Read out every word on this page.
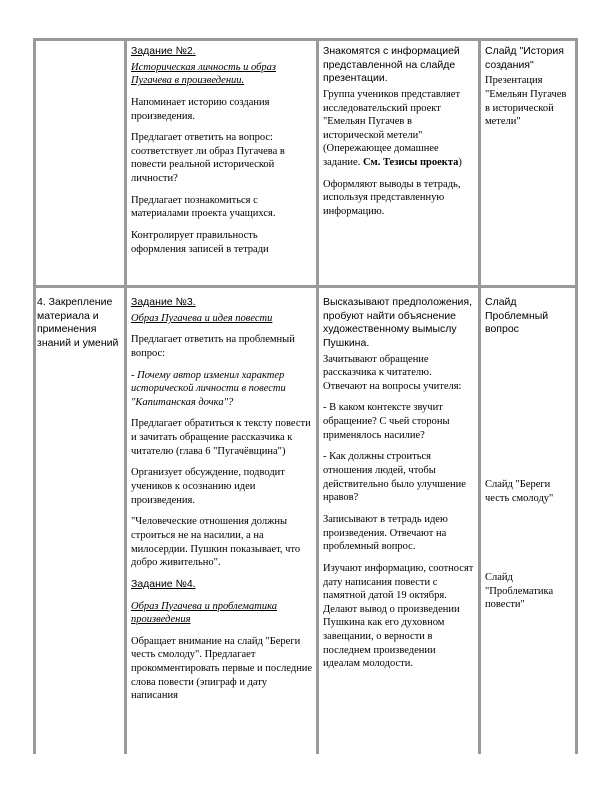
Задание №2.

Историческая личность и образ Пугачева в произведении.

Напоминает историю создания произведения.

Предлагает ответить на вопрос: соответствует ли образ Пугачева в повести реальной исторической личности?

Предлагает познакомиться с материалами проекта учащихся.

Контролирует правильность оформления записей в тетради

Знакомятся с информацией представленной на слайде презентации.

Группа учеников представляет исследовательский проект "Емельян Пугачев в исторической метели" (Опережающее домашнее задание. См. Тезисы проекта)

Оформляют выводы в тетрадь, используя представленную информацию.

Слайд "История создания"

Презентация "Емельян Пугачев в исторической метели"

4. Закрепление материала и применения знаний и умений

Задание №3.

Образ Пугачева и идея повести

Предлагает ответить на проблемный вопрос:

- Почему автор изменил характер исторической личности в повести "Капитанская дочка"?

Предлагает обратиться к тексту повести и зачитать обращение рассказчика к читателю (глава 6 "Пугачёвщина")

Организует обсуждение, подводит учеников к осознанию идеи произведения.

"Человеческие отношения должны строиться не на насилии, а на милосердии. Пушкин показывает, что добро живительно".

Задание №4.

Образ Пугачева и проблематика произведения

Обращает внимание на слайд "Береги честь смолоду". Предлагает прокомментировать первые и последние слова повести (эпиграф и дату написания

Высказывают предположения, пробуют найти объяснение художественному вымыслу Пушкина.

Зачитывают обращение рассказчика к читателю. Отвечают на вопросы учителя:

- В каком контексте звучит обращение? С чьей стороны применялось насилие?

- Как должны строиться отношения людей, чтобы действительно было улучшение нравов?

Записывают в тетрадь идею произведения. Отвечают на проблемный вопрос.

Изучают информацию, соотносят дату написания повести с памятной датой 19 октября. Делают вывод о произведении Пушкина как его духовном завещании, о верности в последнем произведении идеалам молодости.

Слайд Проблемный вопрос

Слайд "Береги честь смолоду"

Слайд "Проблематика повести"
